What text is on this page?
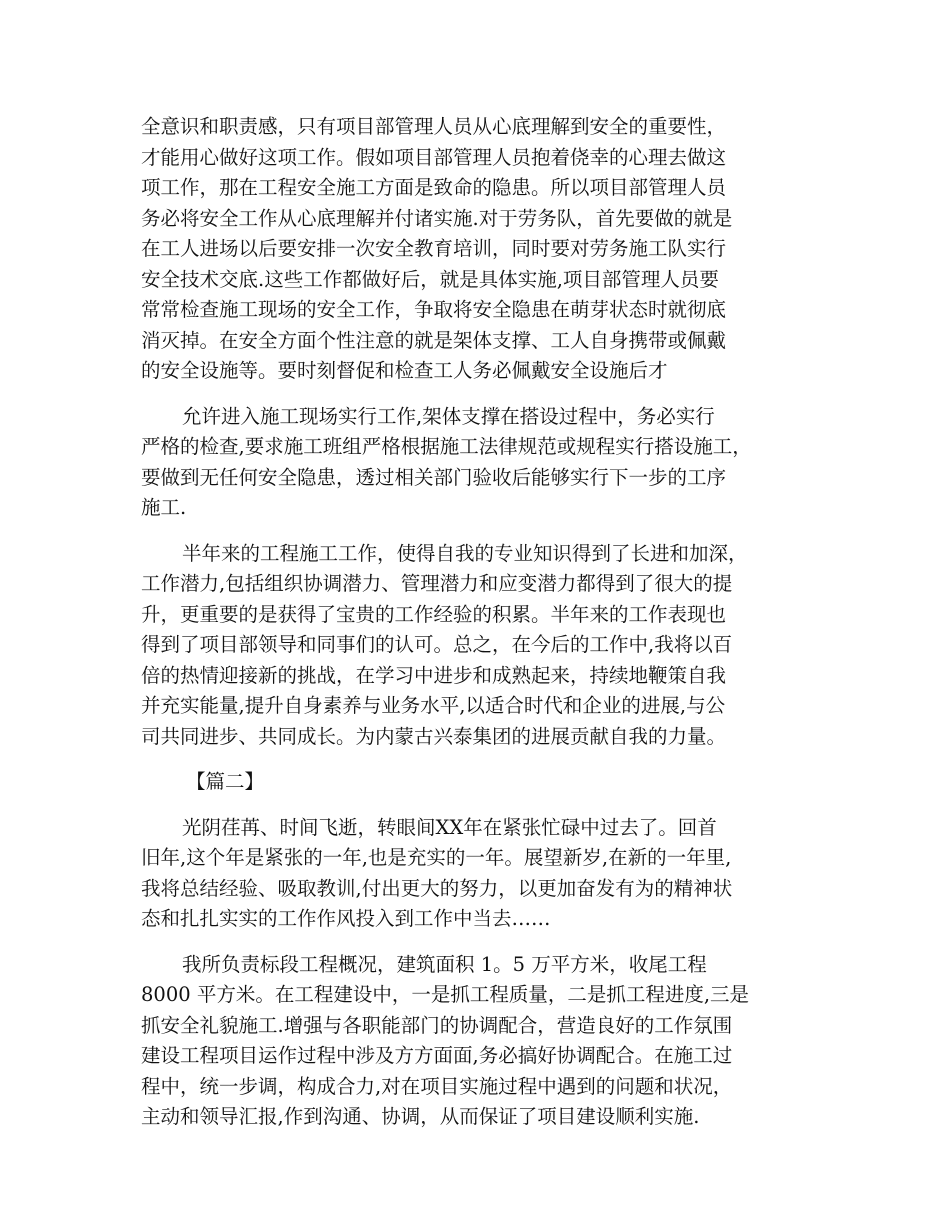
全意识和职责感，只有项目部管理人员从心底理解到安全的重要性，
才能用心做好这项工作。假如项目部管理人员抱着侥幸的心理去做这
项工作，那在工程安全施工方面是致命的隐患。所以项目部管理人员
务必将安全工作从心底理解并付诸实施.对于劳务队，首先要做的就是
在工人进场以后要安排一次安全教育培训，同时要对劳务施工队实行
安全技术交底.这些工作都做好后，就是具体实施,项目部管理人员要
常常检查施工现场的安全工作，争取将安全隐患在萌芽状态时就彻底
消灭掉。在安全方面个性注意的就是架体支撑、工人自身携带或佩戴
的安全设施等。要时刻督促和检查工人务必佩戴安全设施后才
允许进入施工现场实行工作,架体支撑在搭设过程中，务必实行
严格的检查,要求施工班组严格根据施工法律规范或规程实行搭设施工，
要做到无任何安全隐患，透过相关部门验收后能够实行下一步的工序
施工.
半年来的工程施工工作，使得自我的专业知识得到了长进和加深，
工作潜力,包括组织协调潜力、管理潜力和应变潜力都得到了很大的提
升，更重要的是获得了宝贵的工作经验的积累。半年来的工作表现也
得到了项目部领导和同事们的认可。总之，在今后的工作中,我将以百
倍的热情迎接新的挑战，在学习中进步和成熟起来，持续地鞭策自我
并充实能量,提升自身素养与业务水平,以适合时代和企业的进展,与公
司共同进步、共同成长。为内蒙古兴泰集团的进展贡献自我的力量。
【篇二】
光阴荏苒、时间飞逝，转眼间XX年在紧张忙碌中过去了。回首
旧年,这个年是紧张的一年,也是充实的一年。展望新岁,在新的一年里,
我将总结经验、吸取教训,付出更大的努力，以更加奋发有为的精神状
态和扎扎实实的工作作风投入到工作中当去……
我所负责标段工程概况，建筑面积 1。5 万平方米，收尾工程
8000 平方米。在工程建设中，一是抓工程质量，二是抓工程进度,三是
抓安全礼貌施工.增强与各职能部门的协调配合，营造良好的工作氛围
建设工程项目运作过程中涉及方方面面,务必搞好协调配合。在施工过
程中，统一步调，构成合力,对在项目实施过程中遇到的问题和状况，
主动和领导汇报,作到沟通、协调，从而保证了项目建设顺利实施.
